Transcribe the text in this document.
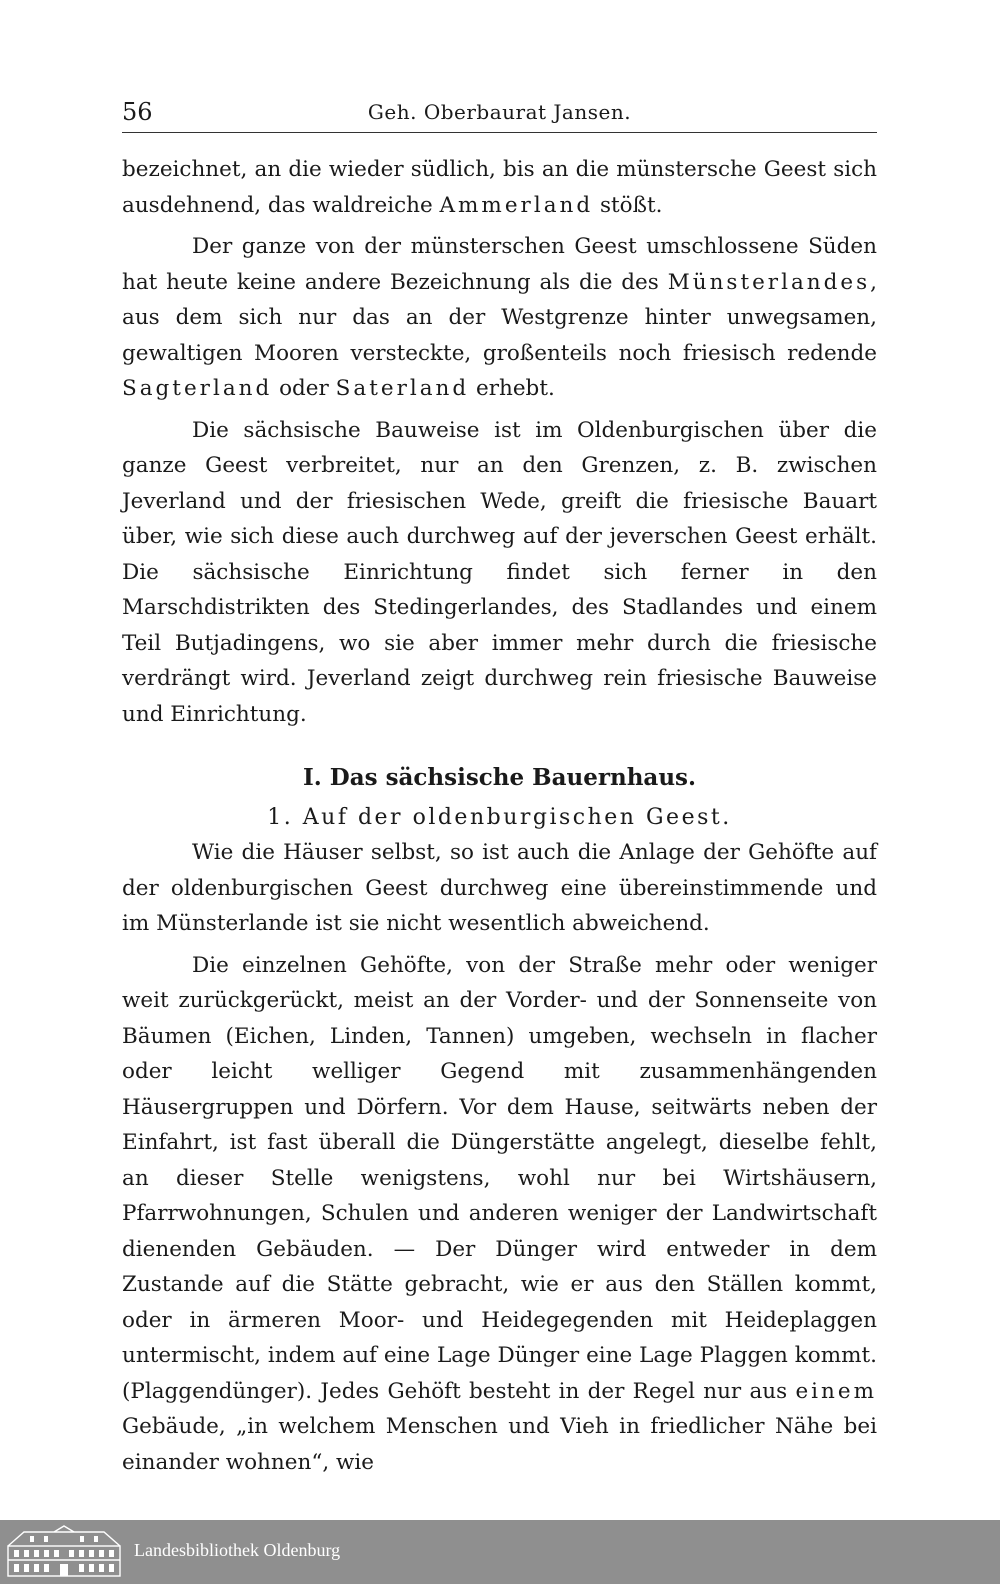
56	Geh. Oberbaurat Jansen.

bezeichnet, an die wieder südlich, bis an die münstersche Geest sich ausdehnend, das waldreiche Ammerland stößt.

Der ganze von der münsterschen Geest umschlossene Süden hat heute keine andere Bezeichnung als die des Münsterlandes, aus dem sich nur das an der Westgrenze hinter unwegsamen, gewaltigen Mooren versteckte, großenteils noch friesisch redende Sagterland oder Saterland erhebt.

Die sächsische Bauweise ist im Oldenburgischen über die ganze Geest verbreitet, nur an den Grenzen, z. B. zwischen Jeverland und der friesischen Wede, greift die friesische Bauart über, wie sich diese auch durchweg auf der jeverschen Geest erhält. Die sächsische Einrichtung findet sich ferner in den Marschdistrikten des Stedingerlandes, des Stadlandes und einem Teil Butjadingens, wo sie aber immer mehr durch die friesische verdrängt wird. Jeverland zeigt durchweg rein friesische Bauweise und Einrichtung.

I. Das sächsische Bauernhaus.

1. Auf der oldenburgischen Geest.

Wie die Häuser selbst, so ist auch die Anlage der Gehöfte auf der oldenburgischen Geest durchweg eine übereinstimmende und im Münsterlande ist sie nicht wesentlich abweichend.

Die einzelnen Gehöfte, von der Straße mehr oder weniger weit zurückgerückt, meist an der Vorder- und der Sonnenseite von Bäumen (Eichen, Linden, Tannen) umgeben, wechseln in flacher oder leicht welliger Gegend mit zusammenhängenden Häusergruppen und Dörfern. Vor dem Hause, seitwärts neben der Einfahrt, ist fast überall die Düngerstätte angelegt, dieselbe fehlt, an dieser Stelle wenigstens, wohl nur bei Wirtshäusern, Pfarrwohnungen, Schulen und anderen weniger der Landwirtschaft dienenden Gebäuden. — Der Dünger wird entweder in dem Zustande auf die Stätte gebracht, wie er aus den Ställen kommt, oder in ärmeren Moor- und Heidegegenden mit Heideplaggen untermischt, indem auf eine Lage Dünger eine Lage Plaggen kommt. (Plaggendünger). Jedes Gehöft besteht in der Regel nur aus einem Gebäude, „in welchem Menschen und Vieh in friedlicher Nähe bei einander wohnen“, wie

Landesbibliothek Oldenburg
